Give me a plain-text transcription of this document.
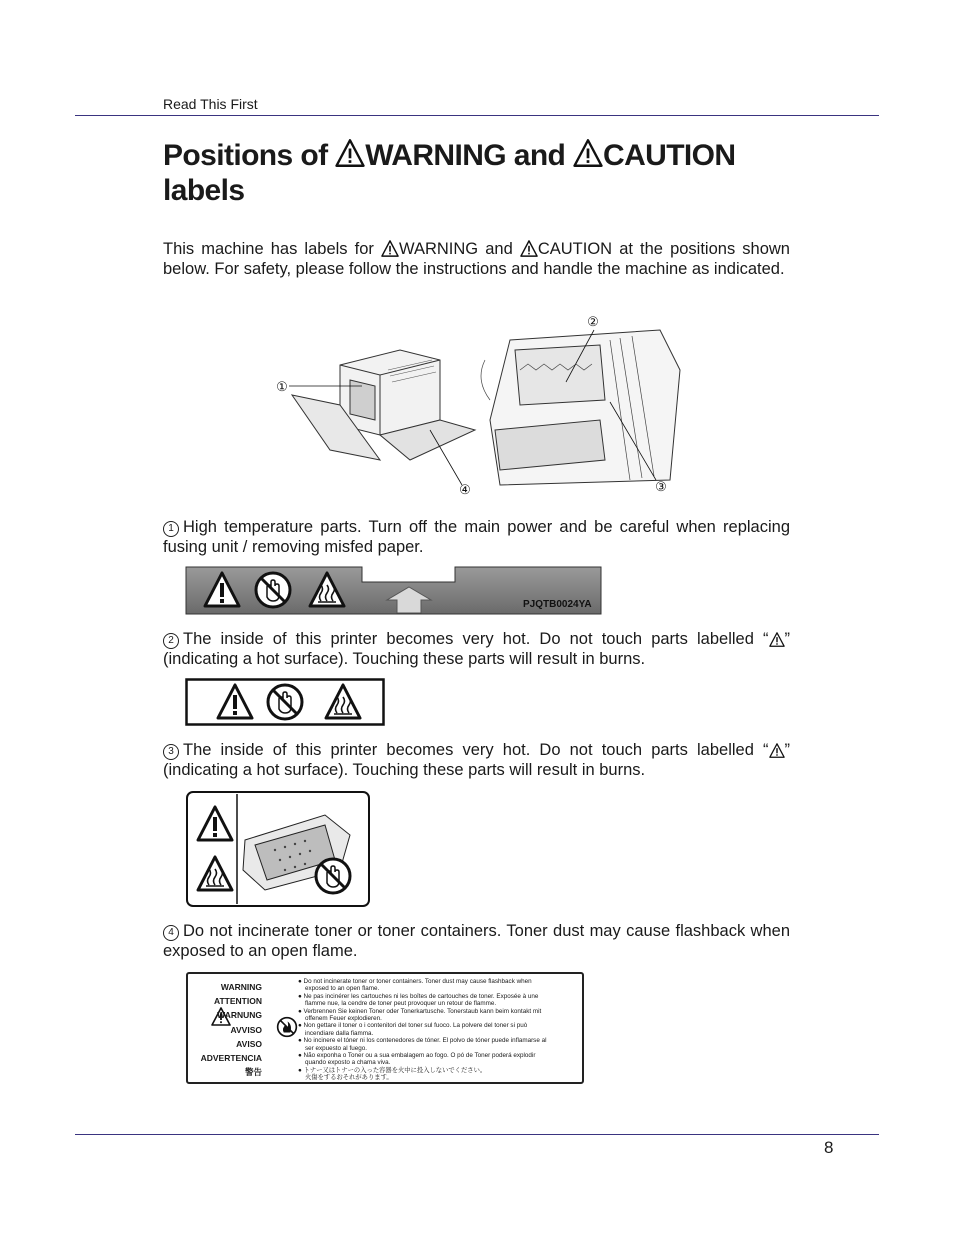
Read This First
Positions of WARNING and CAUTION
labels
This machine has labels for WARNING and CAUTION at the positions shown below. For safety, please follow the instructions and handle the machine as indicated.
①
②
③
④
1 High temperature parts. Turn off the main power and be careful when replacing fusing unit / removing misfed paper.
PJQTB0024YA
2 The inside of this printer becomes very hot. Do not touch parts labelled “ ” (indicating a hot surface). Touching these parts will result in burns.
3 The inside of this printer becomes very hot. Do not touch parts labelled “ ” (indicating a hot surface). Touching these parts will result in burns.
4 Do not incinerate toner or toner containers. Toner dust may cause flashback when exposed to an open flame.
WARNING
ATTENTION
WARNUNG
AVVISO
AVISO
ADVERTENCIA
警告
● Do not incinerate toner or toner containers. Toner dust may cause flashback when
exposed to an open flame.
● Ne pas incinérer les cartouches ni les boîtes de cartouches de toner. Exposée à une
flamme nue, la cendre de toner peut provoquer un retour de flamme.
● Verbrennen Sie keinen Toner oder Tonerkartusche. Tonerstaub kann beim kontakt mit
offenem Feuer explodieren.
● Non gettare il toner o i contenitori del toner sul fuoco. La polvere del toner si può
incendiare dalla fiamma.
● No incinere el tóner ni los contenedores de tóner. El polvo de tóner puede inflamarse al
ser expuesto al fuego.
● Não exponha o Toner ou a sua embalagem ao fogo. O pó de Toner poderá explodir
quando exposto a chama viva.
● トナー又はトナーの入った容器を火中に投入しないでください。
火傷をするおそれがあります。
8
